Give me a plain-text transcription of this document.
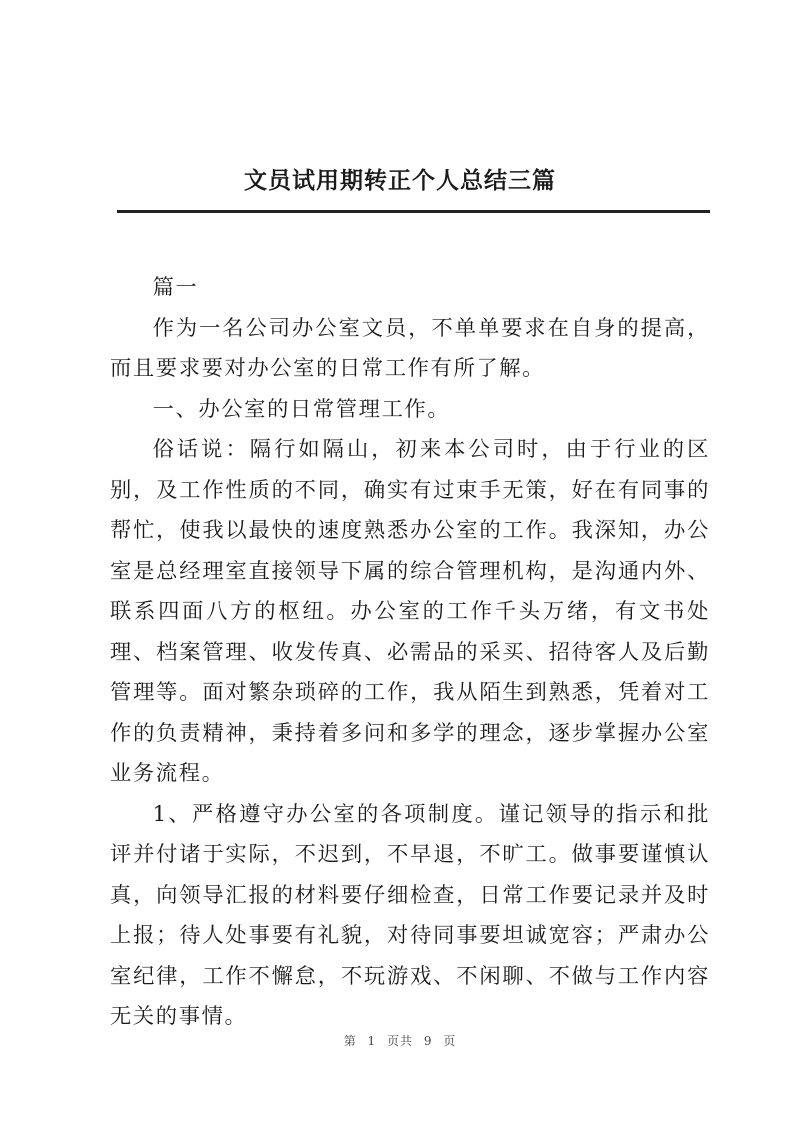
文员试用期转正个人总结三篇

篇一

作为一名公司办公室文员，不单单要求在自身的提高，而且要求要对办公室的日常工作有所了解。

一、办公室的日常管理工作。

俗话说：隔行如隔山，初来本公司时，由于行业的区别，及工作性质的不同，确实有过束手无策，好在有同事的帮忙，使我以最快的速度熟悉办公室的工作。我深知，办公室是总经理室直接领导下属的综合管理机构，是沟通内外、联系四面八方的枢纽。办公室的工作千头万绪，有文书处理、档案管理、收发传真、必需品的采买、招待客人及后勤管理等。面对繁杂琐碎的工作，我从陌生到熟悉，凭着对工作的负责精神，秉持着多问和多学的理念，逐步掌握办公室业务流程。

1、严格遵守办公室的各项制度。谨记领导的指示和批评并付诸于实际，不迟到，不早退，不旷工。做事要谨慎认真，向领导汇报的材料要仔细检查，日常工作要记录并及时上报；待人处事要有礼貌，对待同事要坦诚宽容；严肃办公室纪律，工作不懈怠，不玩游戏、不闲聊、不做与工作内容无关的事情。

第 1 页共 9 页
